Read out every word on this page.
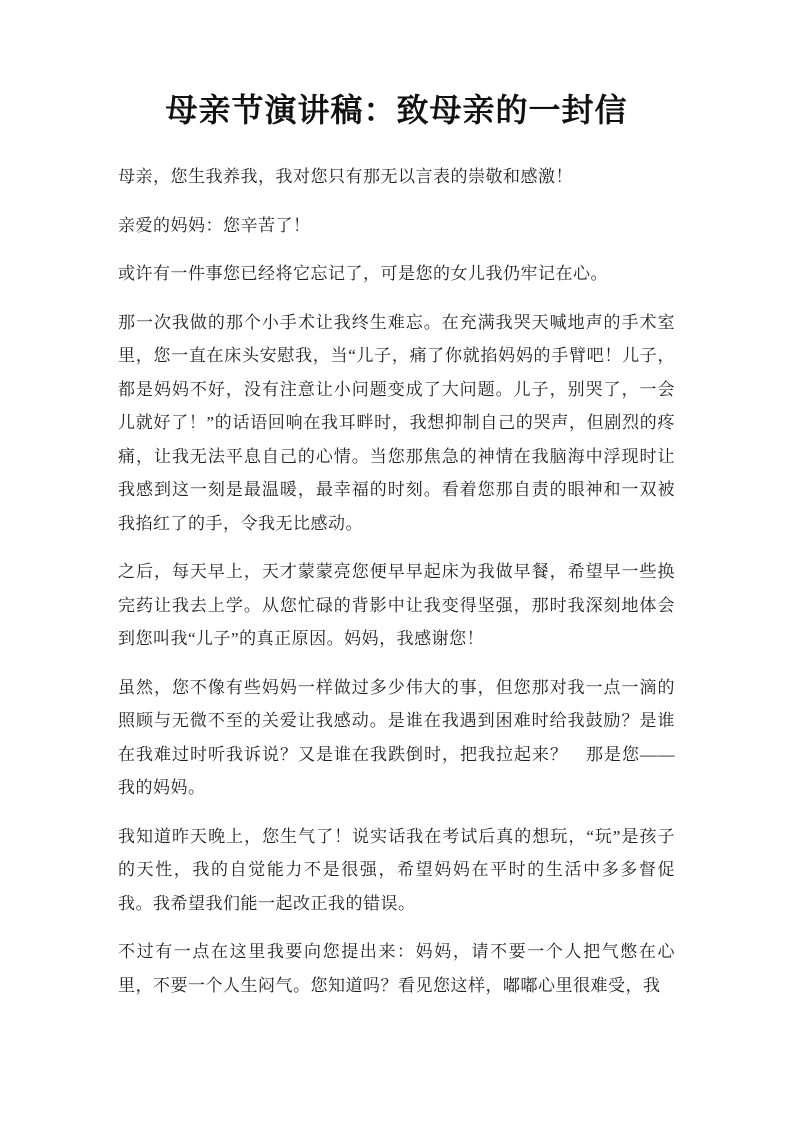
母亲节演讲稿：致母亲的一封信

母亲，您生我养我，我对您只有那无以言表的崇敬和感激！

亲爱的妈妈：您辛苦了！

或许有一件事您已经将它忘记了，可是您的女儿我仍牢记在心。

那一次我做的那个小手术让我终生难忘。在充满我哭天喊地声的手术室里，您一直在床头安慰我，当“儿子，痛了你就掐妈妈的手臂吧！儿子，都是妈妈不好，没有注意让小问题变成了大问题。儿子，别哭了，一会儿就好了！”的话语回响在我耳畔时，我想抑制自己的哭声，但剧烈的疼痛，让我无法平息自己的心情。当您那焦急的神情在我脑海中浮现时让我感到这一刻是最温暖，最幸福的时刻。看着您那自责的眼神和一双被我掐红了的手，令我无比感动。

之后，每天早上，天才蒙蒙亮您便早早起床为我做早餐，希望早一些换完药让我去上学。从您忙碌的背影中让我变得坚强，那时我深刻地体会到您叫我“儿子”的真正原因。妈妈，我感谢您！

虽然，您不像有些妈妈一样做过多少伟大的事，但您那对我一点一滴的照顾与无微不至的关爱让我感动。是谁在我遇到困难时给我鼓励？是谁在我难过时听我诉说？又是谁在我跌倒时，把我拉起来？　那是您——我的妈妈。

我知道昨天晚上，您生气了！说实话我在考试后真的想玩，“玩”是孩子的天性，我的自觉能力不是很强，希望妈妈在平时的生活中多多督促我。我希望我们能一起改正我的错误。

不过有一点在这里我要向您提出来：妈妈，请不要一个人把气憋在心里，不要一个人生闷气。您知道吗？看见您这样，嘟嘟心里很难受，我
